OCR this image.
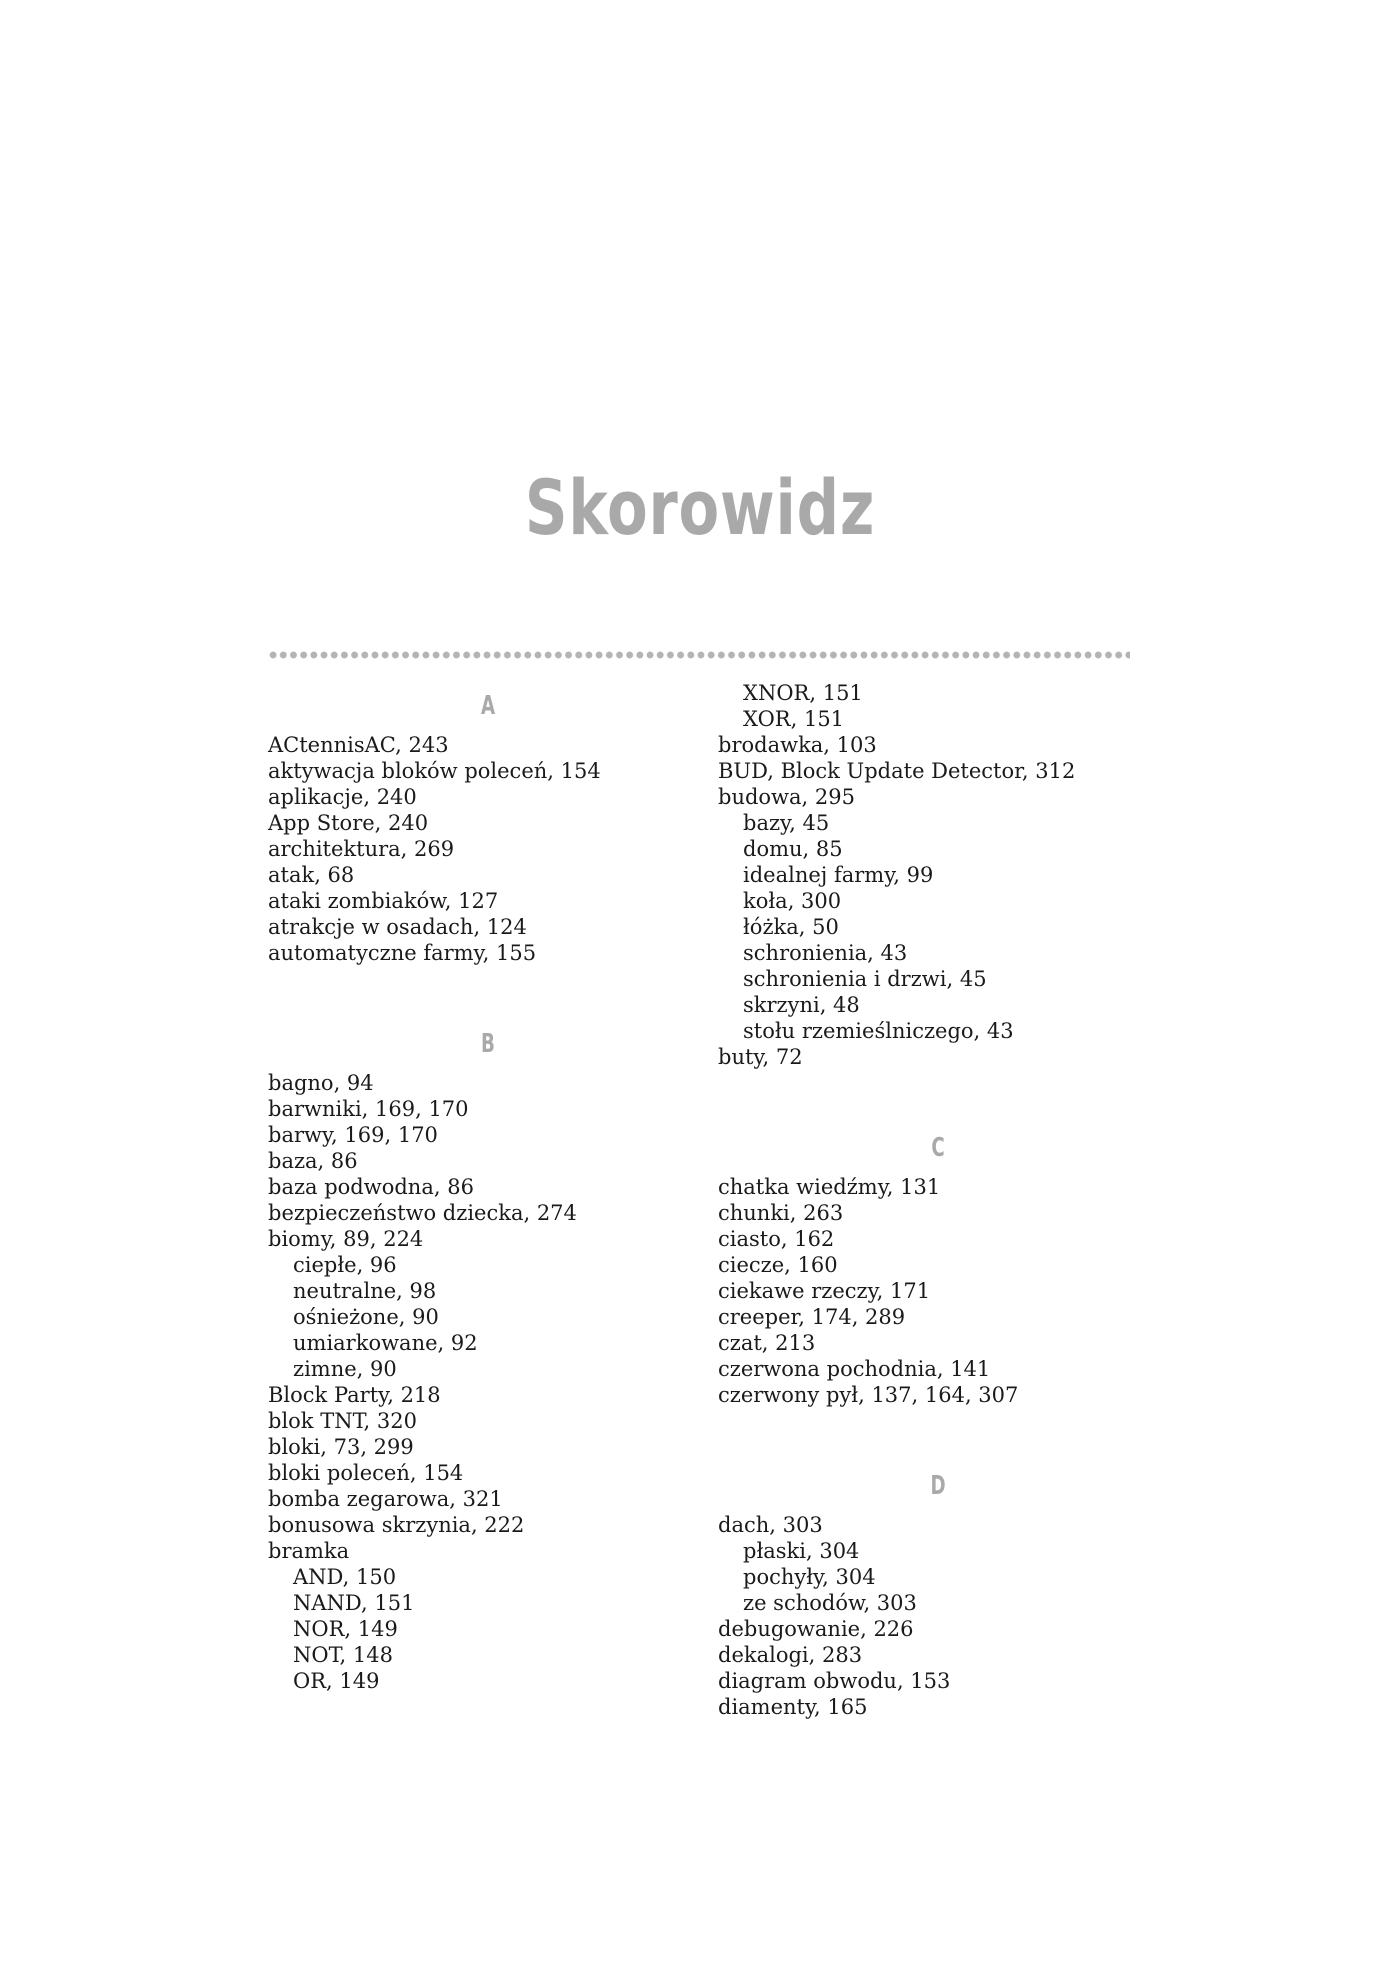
Skorowidz
A
ACtennisAC, 243
aktywacja bloków poleceń, 154
aplikacje, 240
App Store, 240
architektura, 269
atak, 68
ataki zombiaków, 127
atrakcje w osadach, 124
automatyczne farmy, 155
B
bagno, 94
barwniki, 169, 170
barwy, 169, 170
baza, 86
baza podwodna, 86
bezpieczeństwo dziecka, 274
biomy, 89, 224
ciepłe, 96
neutralne, 98
ośnieżone, 90
umiarkowane, 92
zimne, 90
Block Party, 218
blok TNT, 320
bloki, 73, 299
bloki poleceń, 154
bomba zegarowa, 321
bonusowa skrzynia, 222
bramka
AND, 150
NAND, 151
NOR, 149
NOT, 148
OR, 149
XNOR, 151
XOR, 151
brodawka, 103
BUD, Block Update Detector, 312
budowa, 295
bazy, 45
domu, 85
idealnej farmy, 99
koła, 300
łóżka, 50
schronienia, 43
schronienia i drzwi, 45
skrzyni, 48
stołu rzemieślniczego, 43
buty, 72
C
chatka wiedźmy, 131
chunki, 263
ciasto, 162
ciecze, 160
ciekawe rzeczy, 171
creeper, 174, 289
czat, 213
czerwona pochodnia, 141
czerwony pył, 137, 164, 307
D
dach, 303
płaski, 304
pochyły, 304
ze schodów, 303
debugowanie, 226
dekalogi, 283
diagram obwodu, 153
diamenty, 165
